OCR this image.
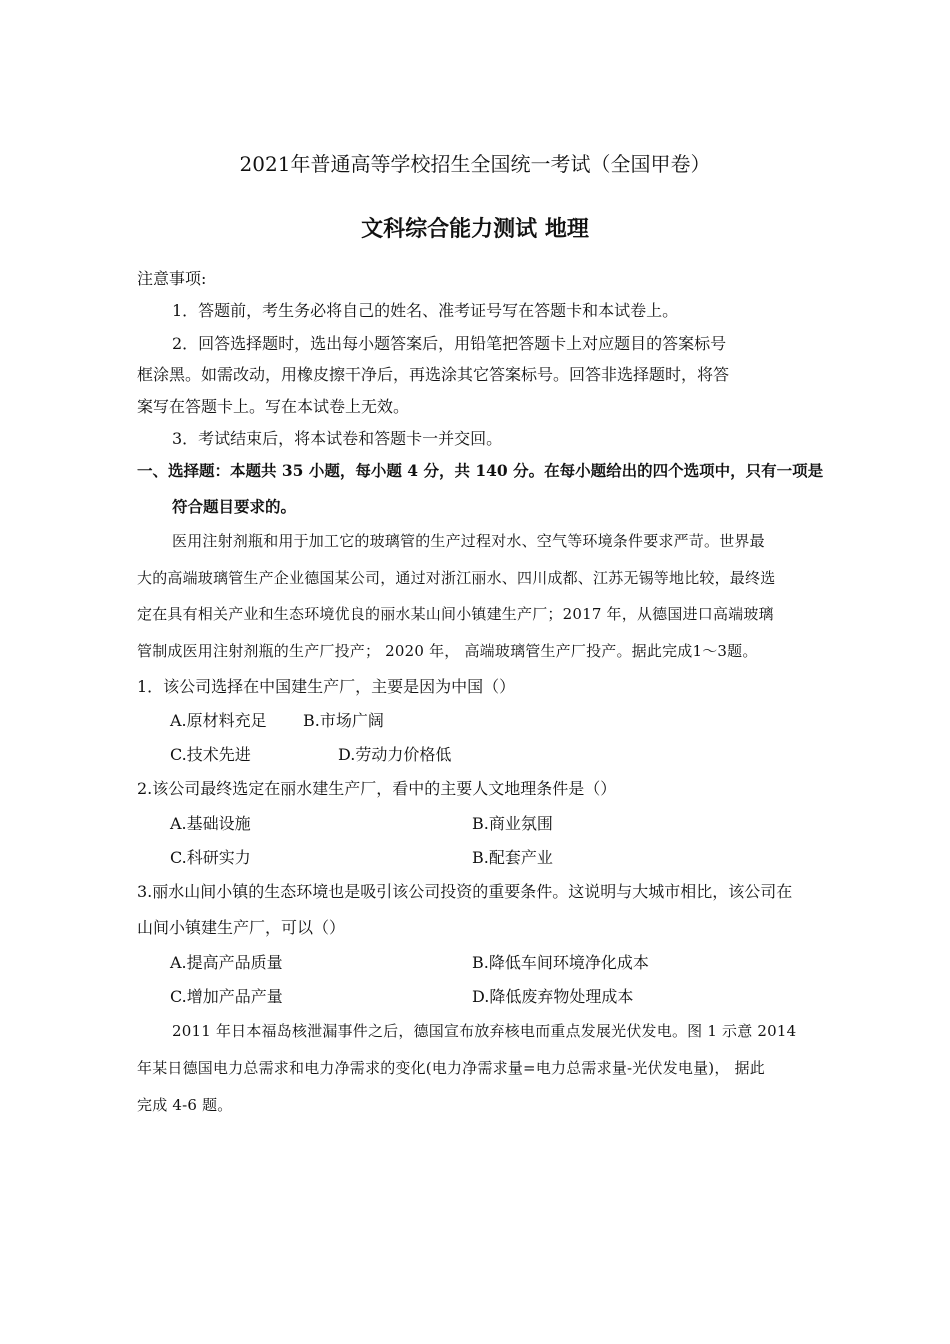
2021年普通高等学校招生全国统一考试（全国甲卷）
文科综合能力测试 地理
注意事项:
1．答题前，考生务必将自己的姓名、准考证号写在答题卡和本试卷上。
2．回答选择题时，选出每小题答案后，用铅笔把答题卡上对应题目的答案标号
框涂黑。如需改动，用橡皮擦干净后，再选涂其它答案标号。回答非选择题时，将答
案写在答题卡上。写在本试卷上无效。
3．考试结束后，将本试卷和答题卡一并交回。
一、选择题：本题共 35 小题，每小题 4 分，共 140 分。在每小题给出的四个选项中，只有一项是
符合题目要求的。
医用注射剂瓶和用于加工它的玻璃管的生产过程对水、空气等环境条件要求严苛。世界最
大的高端玻璃管生产企业德国某公司，通过对浙江丽水、四川成都、江苏无锡等地比较，最终选
定在具有相关产业和生态环境优良的丽水某山间小镇建生产厂；2017 年，从德国进口高端玻璃
管制成医用注射剂瓶的生产厂投产； 2020 年， 高端玻璃管生产厂投产。据此完成1～3题。
1．该公司选择在中国建生产厂，主要是因为中国（）
A.原材料充足 B.市场广阔
C.技术先进	D.劳动力价格低
2.该公司最终选定在丽水建生产厂，看中的主要人文地理条件是（）
A.基础设施	B.商业氛围
C.科研实力	B.配套产业
3.丽水山间小镇的生态环境也是吸引该公司投资的重要条件。这说明与大城市相比，该公司在
山间小镇建生产厂，可以（）
A.提高产品质量	B.降低车间环境净化成本
C.增加产品产量	D.降低废弃物处理成本
2011 年日本福岛核泄漏事件之后，德国宣布放弃核电而重点发展光伏发电。图 1 示意 2014
年某日德国电力总需求和电力净需求的变化(电力净需求量=电力总需求量-光伏发电量)， 据此
完成 4-6 题。
